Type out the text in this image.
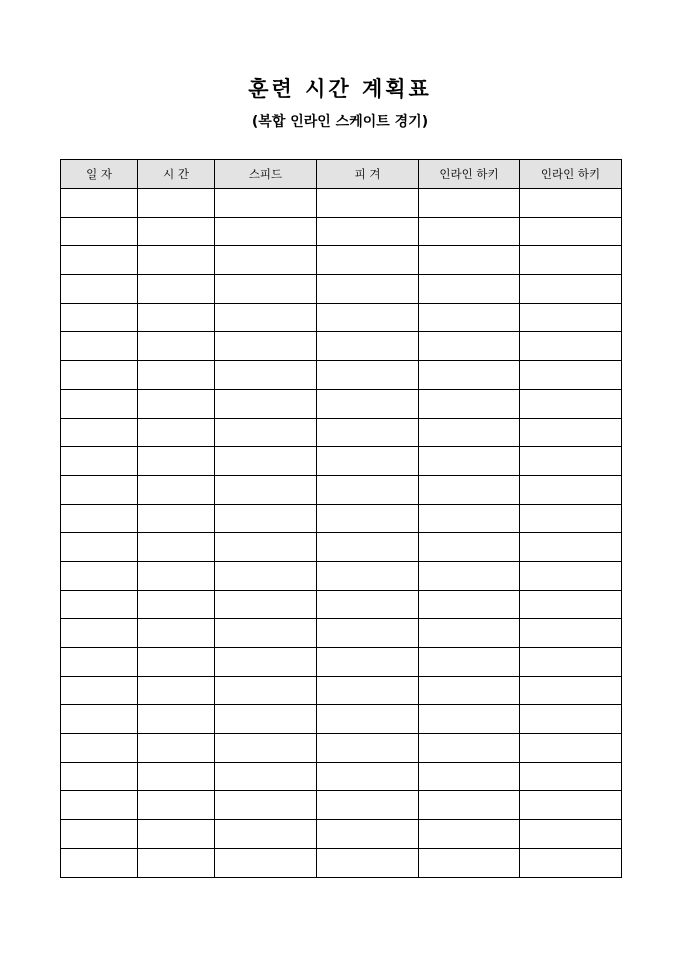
훈련 시간 계획표
(복합 인라인 스케이트 경기)
일 자	시 간	스피드	피 겨	인라인 하키	인라인 하키
